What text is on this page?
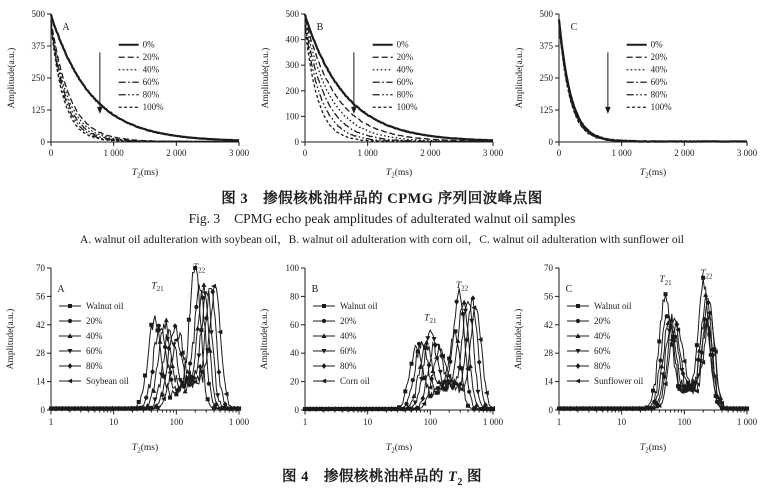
0
125
250
375
500
0	1 000	2 000	3 000
Amplitude(a.u.)
$T_2(ms)$
A
0%
20%
40%
60%
80%
100%
0
100
200
300
400
500
0	1 000	2 000	3 000
Amplitude(a.u.)
$T_2(ms)$
B
0%
20%
40%
60%
80%
100%
0
125
250
375
500
0	1 000	2 000	3 000
Amplitude(a.u.)
$T_2(ms)$
C
0%
20%
40%
60%
80%
100%
图 3　掺假核桃油样品的 CPMG 序列回波峰点图
Fig. 3 CPMG echo peak amplitudes of adulterated walnut oil samples
A. walnut oil adulteration with soybean oil，B. walnut oil adulteration with corn oil，C. walnut oil adulteration with sunflower oil
0
14
28
42
56
70
1	10	100	1 000
Amplitude(a.u.)
$T_2(ms)$
A
Walnut oil
20%
40%
60%
80%
Soybean oil
$T_{21}$
$T_{22}$
0
20
40
60
80
100
1	10	100	1 000
Amplitude(a.u.)
$T_2(ms)$
B
Walnut oil
20%
40%
60%
80%
Corn oil
$T_{21}$
$T_{22}$
0
14
28
42
56
70
1	10	100	1 000
Amplitude(a.u.)
$T_2(ms)$
C
Walnut oil
20%
40%
60%
80%
Sunflower oil
$T_{21}$
$T_{22}$
图 4　掺假核桃油样品的 $T_2$ 图
